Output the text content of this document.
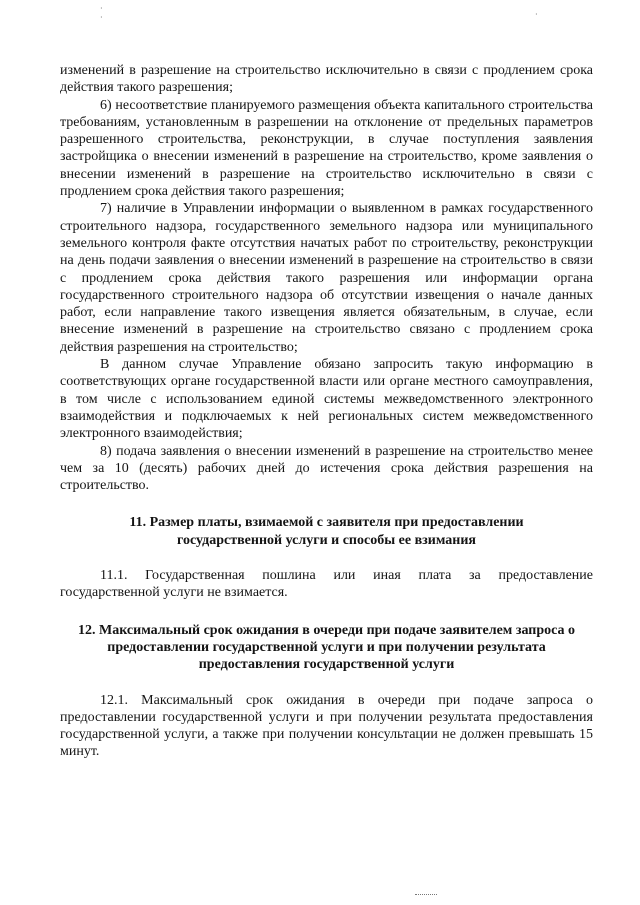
·
·	·

изменений в разрешение на строительство исключительно в связи с продлением срока действия такого разрешения;

6) несоответствие планируемого размещения объекта капитального строительства требованиям, установленным в разрешении на отклонение от предельных параметров разрешенного строительства, реконструкции, в случае поступления заявления застройщика о внесении изменений в разрешение на строительство, кроме заявления о внесении изменений в разрешение на строительство исключительно в связи с продлением срока действия такого разрешения;

7) наличие в Управлении информации о выявленном в рамках государственного строительного надзора, государственного земельного надзора или муниципального земельного контроля факте отсутствия начатых работ по строительству, реконструкции на день подачи заявления о внесении изменений в разрешение на строительство в связи с продлением срока действия такого разрешения или информации органа государственного строительного надзора об отсутствии извещения о начале данных работ, если направление такого извещения является обязательным, в случае, если внесение изменений в разрешение на строительство связано с продлением срока действия разрешения на строительство;

В данном случае Управление обязано запросить такую информацию в соответствующих органе государственной власти или органе местного самоуправления, в том числе с использованием единой системы межведомственного электронного взаимодействия и подключаемых к ней региональных систем межведомственного электронного взаимодействия;

8) подача заявления о внесении изменений в разрешение на строительство менее чем за 10 (десять) рабочих дней до истечения срока действия разрешения на строительство.

11. Размер платы, взимаемой с заявителя при предоставлении государственной услуги и способы ее взимания

11.1. Государственная пошлина или иная плата за предоставление государственной услуги не взимается.

12. Максимальный срок ожидания в очереди при подаче заявителем запроса о предоставлении государственной услуги и при получении результата предоставления государственной услуги

12.1. Максимальный срок ожидания в очереди при подаче запроса о предоставлении государственной услуги и при получении результата предоставления государственной услуги, а также при получении консультации не должен превышать 15 минут.
